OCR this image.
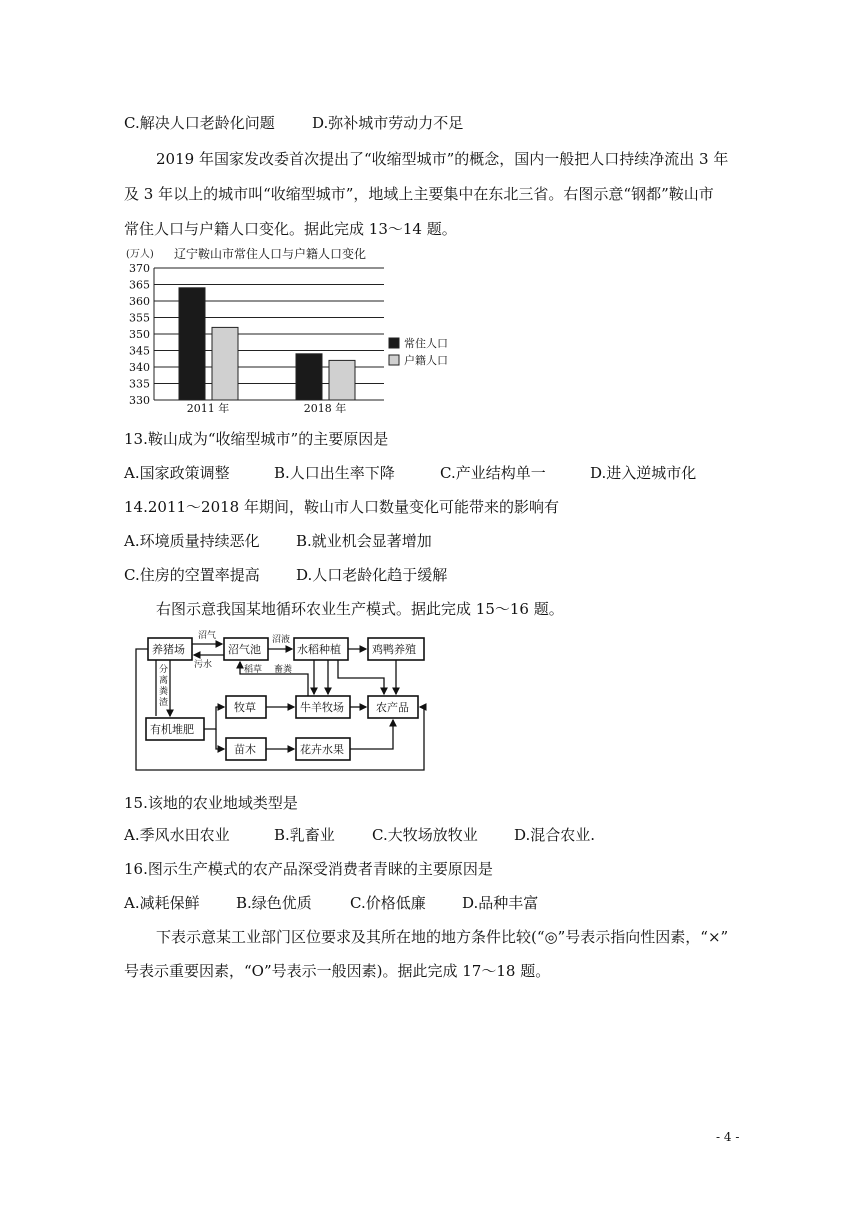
C.解决人口老龄化问题 D.弥补城市劳动力不足
2019 年国家发改委首次提出了“收缩型城市”的概念，国内一般把人口持续净流出 3 年
及 3 年以上的城市叫“收缩型城市”，地域上主要集中在东北三省。右图示意“钢都”鞍山市
常住人口与户籍人口变化。据此完成 13～14 题。
(万人) 辽宁鞍山市常住人口与户籍人口变化
370
365
360
355
350
345
340
335
330
2011 年	2018 年
常住人口
户籍人口
13.鞍山成为“收缩型城市”的主要原因是
A.国家政策调整	B.人口出生率下降	C.产业结构单一	D.进入逆城市化
14.2011～2018 年期间，鞍山市人口数量变化可能带来的影响有
A.环境质量持续恶化 B.就业机会显著增加
C.住房的空置率提高 D.人口老龄化趋于缓解
右图示意我国某地循环农业生产模式。据此完成 15～16 题。
养猪场	沼气池	水稻种植	鸡鸭养殖
有机堆肥
牧草	牛羊牧场	农产品
苗木	花卉水果
沼气
污水
沼液
稻草 畜粪
分离粪渣
15.该地的农业地域类型是
A.季风水田农业	B.乳畜业 C.大牧场放牧业 D.混合农业.
16.图示生产模式的农产品深受消费者青睐的主要原因是
A.减耗保鲜 B.绿色优质	C.价格低廉 D.品种丰富
下表示意某工业部门区位要求及其所在地的地方条件比较(“◎”号表示指向性因素，“×”
号表示重要因素，“O”号表示一般因素)。据此完成 17～18 题。
- 4 -
